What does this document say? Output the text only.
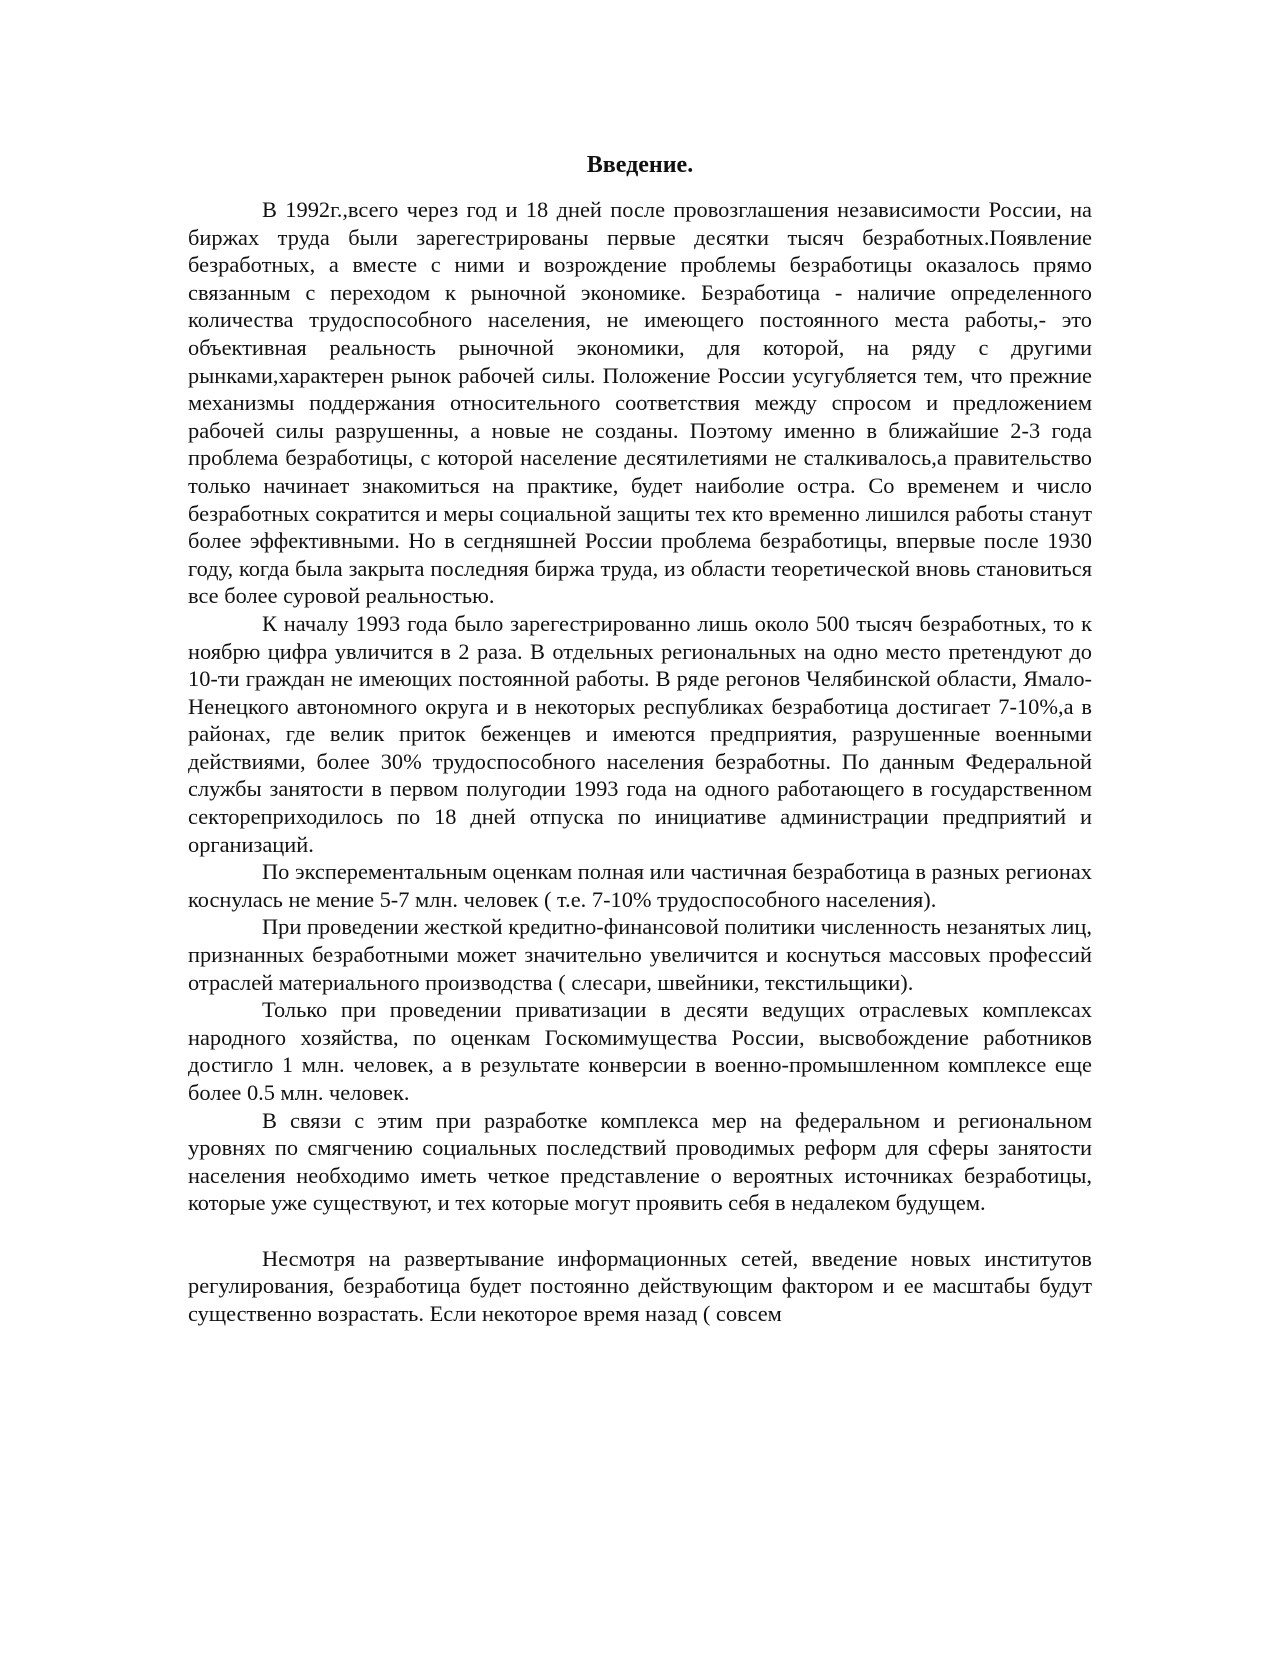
Введение.

В 1992г.,всего через год и 18 дней после провозглашения независимости России, на биржах труда были зарегестрированы первые десятки тысяч безработных.Появление безработных, а вместе с ними и возрождение проблемы безработицы оказалось прямо связанным с переходом к рыночной экономике. Безработица - наличие определенного количества трудоспособного населения, не имеющего постоянного места работы,- это объективная реальность рыночной экономики, для которой, на ряду с другими рынками,характерен рынок рабочей силы. Положение России усугубляется тем, что прежние механизмы поддержания относительного соответствия между спросом и предложением рабочей силы разрушенны, а новые не созданы. Поэтому именно в ближайшие 2-3 года проблема безработицы, с которой население десятилетиями не сталкивалось,а правительство только начинает знакомиться на практике, будет наиболие остра. Со временем и число безработных сократится и меры социальной защиты тех кто временно лишился работы станут более эффективными. Но в сегдняшней России проблема безработицы, впервые после 1930 году, когда была закрыта последняя биржа труда, из области теоретической вновь становиться все более суровой реальностью.

К началу 1993 года было зарегестрированно лишь около 500 тысяч безработных, то к ноябрю цифра увличится в 2 раза. В отдельных региональных на одно место претендуют до 10-ти граждан не имеющих постоянной работы. В ряде регонов Челябинской области, Ямало-Ненецкого автономного округа и в некоторых республиках безработица достигает 7-10%,а в районах, где велик приток беженцев и имеются предприятия, разрушенные военными действиями, более 30% трудоспособного населения безработны. По данным Федеральной службы занятости в первом полугодии 1993 года на одного работающего в государственном сектореприходилось по 18 дней отпуска по инициативе администрации предприятий и организаций.

По эксперементальным оценкам полная или частичная безработица в разных регионах коснулась не мение 5-7 млн. человек ( т.е. 7-10% трудоспособного населения).

При проведении жесткой кредитно-финансовой политики численность незанятых лиц, признанных безработными может значительно увеличится и коснуться массовых профессий отраслей материального производства ( слесари, швейники, текстильщики).

Только при проведении приватизации в десяти ведущих отраслевых комплексах народного хозяйства, по оценкам Госкомимущества России, высвобождение работников достигло 1 млн. человек, а в результате конверсии в военно-промышленном комплексе еще более 0.5 млн. человек.

В связи с этим при разработке комплекса мер на федеральном и региональном уровнях по смягчению социальных последствий проводимых реформ для сферы занятости населения необходимо иметь четкое представление о вероятных источниках безработицы, которые уже существуют, и тех которые могут проявить себя в недалеком будущем.

Несмотря на развертывание информационных сетей, введение новых институтов регулирования, безработица будет постоянно действующим фактором и ее масштабы будут существенно возрастать. Если некоторое время назад ( совсем
